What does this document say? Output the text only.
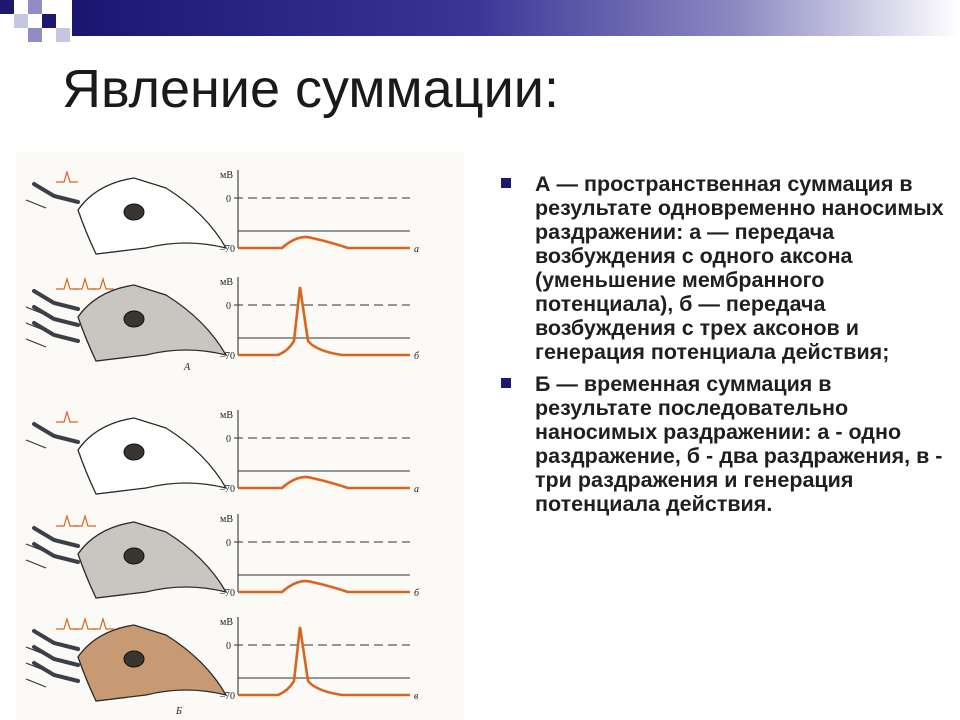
Явление суммации:
мВ
0
–70	а
мВ
0
–70	б
мВ
0
–70	а
мВ
0
–70	б
мВ
0
–70	в
А
Б
А — пространственная суммация в результате одновременно наносимых раздражении: а — передача возбуждения с одного аксона (уменьшение мембранного потенциала), б — передача возбуждения с трех аксонов и генерация потенциала действия;
Б — временная суммация в результате последовательно наносимых раздражении: а - одно раздражение, б - два раздражения, в - три раздражения и генерация потенциала действия.
